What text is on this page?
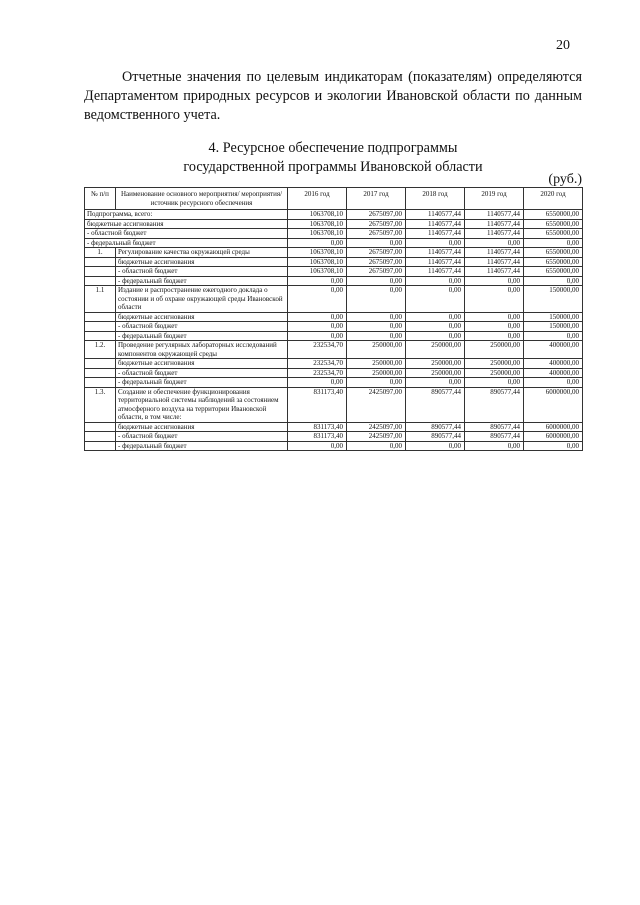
20

Отчетные значения по целевым индикаторам (показателям) определяются Департаментом природных ресурсов и экологии Ивановской области по данным ведомственного учета.

4. Ресурсное обеспечение подпрограммы
государственной программы Ивановской области
(руб.)
№ п/п	Наименование основного мероприятия/ мероприятия/источник ресурсного обеспечения	2016 год	2017 год	2018 год	2019 год	2020 год
Подпрограмма, всего:		1063708,10	2675097,00	1140577,44	1140577,44	6550000,00
бюджетные ассигнования		1063708,10	2675097,00	1140577,44	1140577,44	6550000,00
- областной бюджет		1063708,10	2675097,00	1140577,44	1140577,44	6550000,00
- федеральный бюджет		0,00	0,00	0,00	0,00	0,00
1.	Регулирование качества окружающей среды	1063708,10	2675097,00	1140577,44	1140577,44	6550000,00
	бюджетные ассигнования	1063708,10	2675097,00	1140577,44	1140577,44	6550000,00
	- областной бюджет	1063708,10	2675097,00	1140577,44	1140577,44	6550000,00
	- федеральный бюджет	0,00	0,00	0,00	0,00	0,00
1.1	Издание и распространение ежегодного доклада о состоянии и об охране окружающей среды Ивановской области	0,00	0,00	0,00	0,00	150000,00
	бюджетные ассигнования	0,00	0,00	0,00	0,00	150000,00
	- областной бюджет	0,00	0,00	0,00	0,00	150000,00
	- федеральный бюджет	0,00	0,00	0,00	0,00	0,00
1.2.	Проведение регулярных лабораторных исследований компонентов окружающей среды	232534,70	250000,00	250000,00	250000,00	400000,00
	бюджетные ассигнования	232534,70	250000,00	250000,00	250000,00	400000,00
	- областной бюджет	232534,70	250000,00	250000,00	250000,00	400000,00
	- федеральный бюджет	0,00	0,00	0,00	0,00	0,00
1.3.	Создание и обеспечение функционирования территориальной системы наблюдений за состоянием атмосферного воздуха на территории Ивановской области, в том числе:	831173,40	2425097,00	890577,44	890577,44	6000000,00
	бюджетные ассигнования	831173,40	2425097,00	890577,44	890577,44	6000000,00
	- областной бюджет	831173,40	2425097,00	890577,44	890577,44	6000000,00
	- федеральный бюджет	0,00	0,00	0,00	0,00	0,00
